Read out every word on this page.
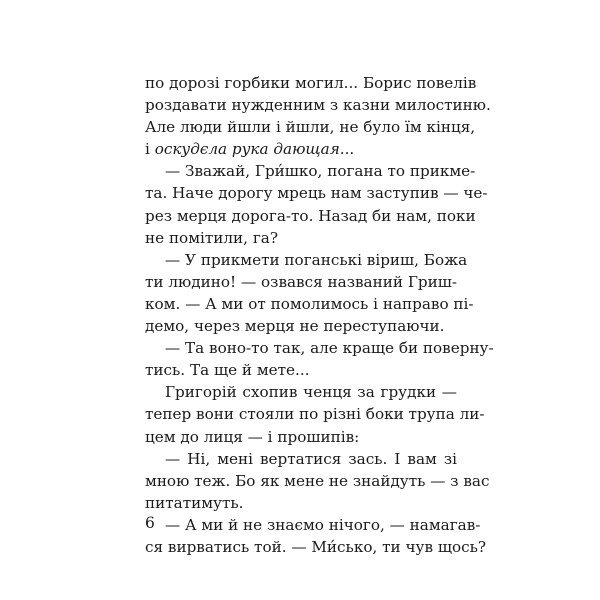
по дорозі горбики могил... Борис повелів
роздавати нужденним з казни милостиню.
Але люди йшли і йшли, не було їм кінця,
i оскудєла рука дающая...
— Зважай, Гри́шко, погана то прикме-
та. Наче дорогу мрець нам заступив — че-
рез мерця дорога-то. Назад би нам, поки
не помітили, га?
— У прикмети поганські віриш, Божа
ти людино! — озвався названий Гриш-
ком. — А ми от помолимось і направо пі-
демо, через мерця не переступаючи.
— Та воно-то так, але краще би поверну-
тись. Та ще й мете...
Григорій схопив ченця за грудки —
тепер вони стояли по різні боки трупа ли-
цем до лиця — і прошипів:
— Ні, мені вертатися зась. І вам зі
мною теж. Бо як мене не знайдуть — з вас
питатимуть.
— А ми й не знаємо нічого, — намагав-
ся вирватись той. — Ми́сько, ти чув щось?
6
